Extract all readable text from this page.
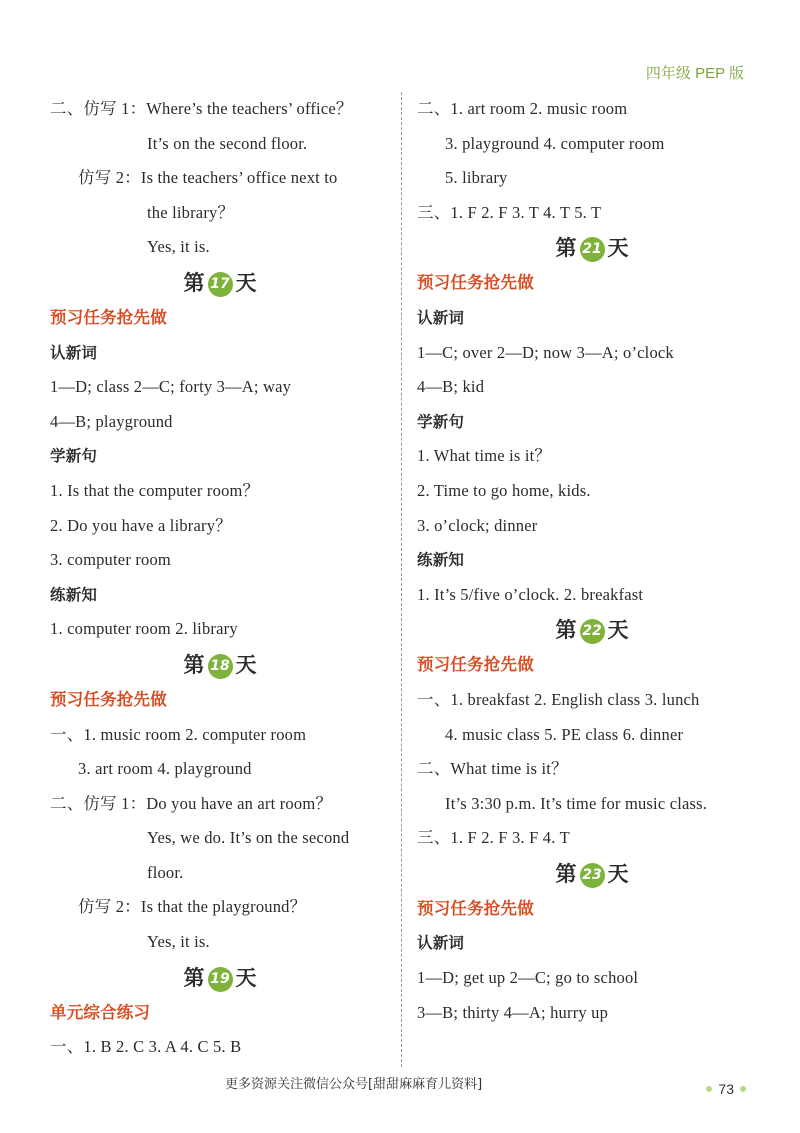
四年级 PEP 版
二、仿写 1：Where’s the teachers’ office？
It’s on the second floor.
仿写 2：Is the teachers’ office next to
the library？
Yes, it is.
第 17 天
预习任务抢先做
认新词
1—D; class 2—C; forty 3—A; way
4—B; playground
学新句
1. Is that the computer room？
2. Do you have a library？
3. computer room
练新知
1. computer room 2. library
第 18 天
预习任务抢先做
一、1. music room 2. computer room
3. art room 4. playground
二、仿写 1：Do you have an art room？
Yes, we do. It’s on the second
floor.
仿写 2：Is that the playground？
Yes, it is.
第 19 天
单元综合练习
一、1. B 2. C 3. A 4. C 5. B
二、1. art room 2. music room
3. playground 4. computer room
5. library
三、1. F 2. F 3. T 4. T 5. T
第 21 天
预习任务抢先做
认新词
1—C; over 2—D; now 3—A; o’clock
4—B; kid
学新句
1. What time is it？
2. Time to go home, kids.
3. o’clock; dinner
练新知
1. It’s 5/five o’clock. 2. breakfast
第 22 天
预习任务抢先做
一、1. breakfast 2. English class 3. lunch
4. music class 5. PE class 6. dinner
二、What time is it？
It’s 3:30 p.m. It’s time for music class.
三、1. F 2. F 3. F 4. T
第 23 天
预习任务抢先做
认新词
1—D; get up 2—C; go to school
3—B; thirty 4—A; hurry up
更多资源关注微信公众号[甜甜麻麻育儿资料]	73
